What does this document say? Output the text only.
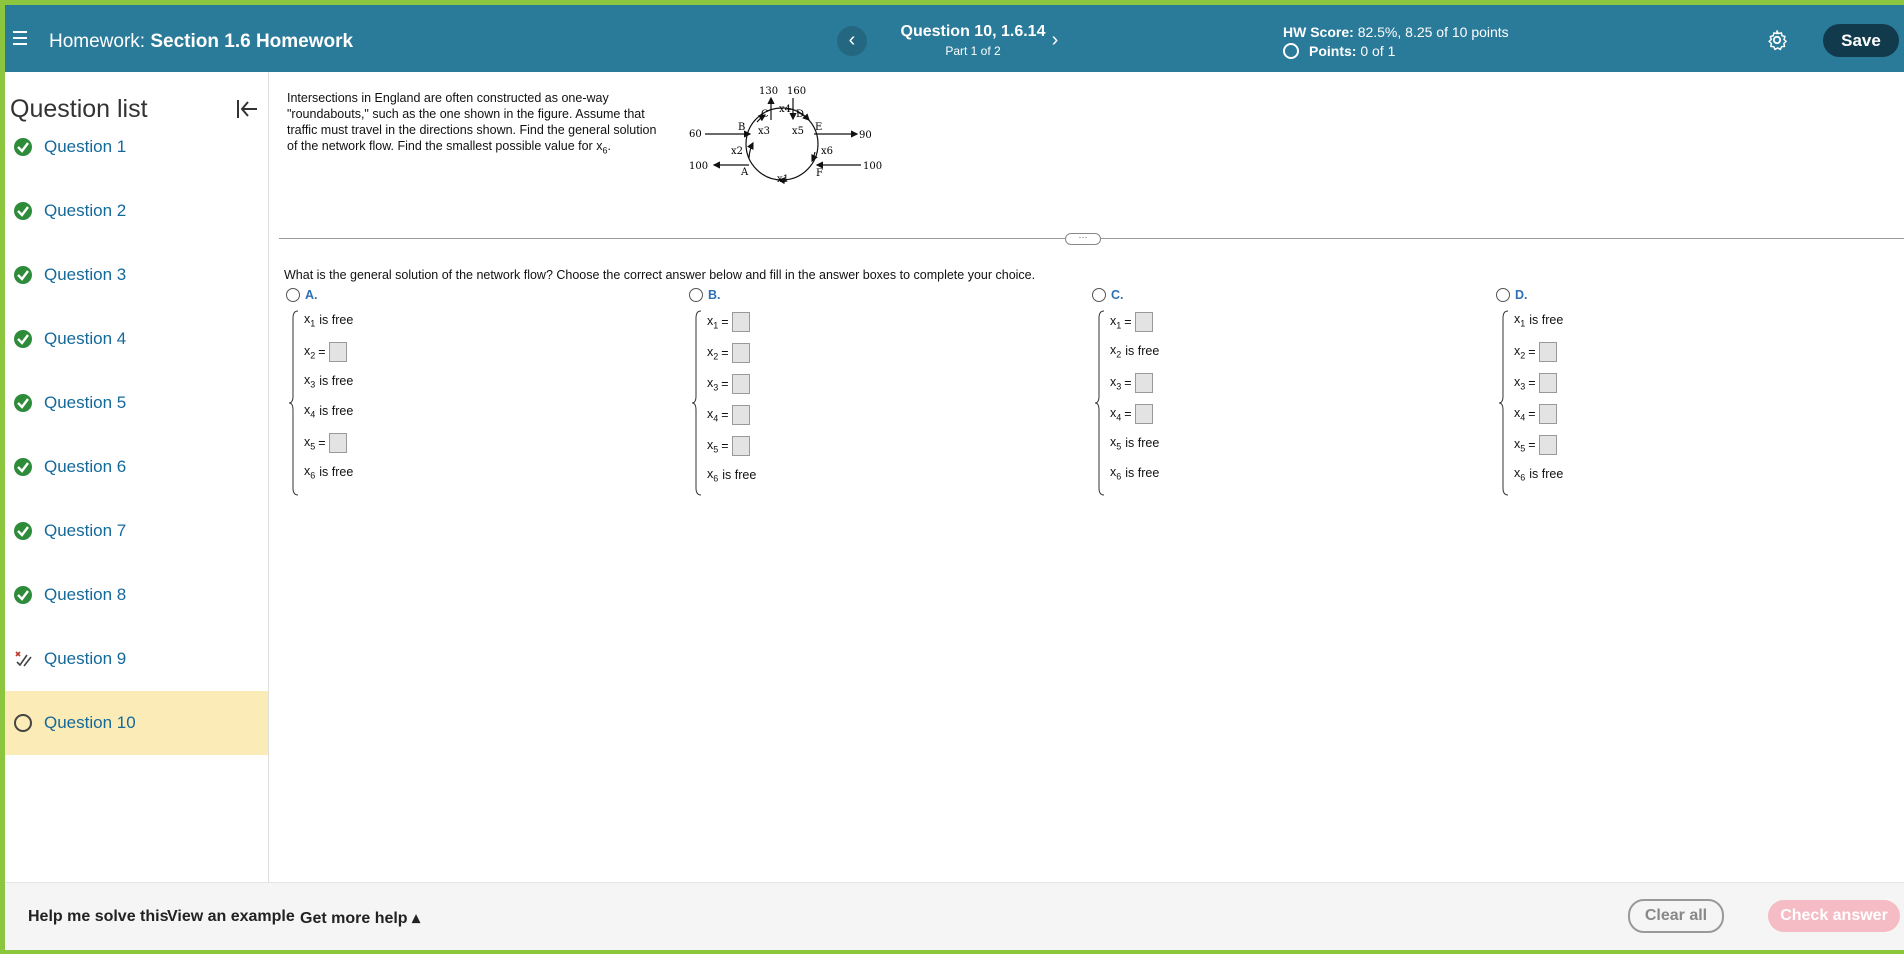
Homework: Section 1.6 Homework	‹	Question 10, 1.6.14
Part 1 of 2	›	HW Score: 82.5%, 8.25 of 10 points
Points:
0 of 1
Save
Question list
Question 1
Question 2
Question 3
Question 4
Question 5
Question 6
Question 7
Question 8
Question 9
Question 10
Intersections in England are often constructed as one-way "roundabouts," such as the one shown in the figure. Assume that traffic must travel in the directions shown. Find the general solution of the network flow. Find the smallest possible value for $x_6$.
130 160
60	90
100	100
A
B
C	D
E
F
x1
x2
x3
x4
x5
x6
···
What is the general solution of the network flow? Choose the correct answer below and fill in the answer boxes to complete your choice.
A.
$x_1$ is free
$x_2$ =
$x_3$ is free
$x_4$ is free
$x_5$ =
$x_6$ is free
B.
$x_1$ =
$x_2$ =
$x_3$ =
$x_4$ =
$x_5$ =
$x_6$ is free
C.
$x_1$ =
$x_2$ is free
$x_3$ =
$x_4$ =
$x_5$ is free
$x_6$ is free
D.
$x_1$ is free
$x_2$ =
$x_3$ =
$x_4$ =
$x_5$ =
$x_6$ is free
Help me solve this
View an example Get more help ▴	Clear all	Check answer
